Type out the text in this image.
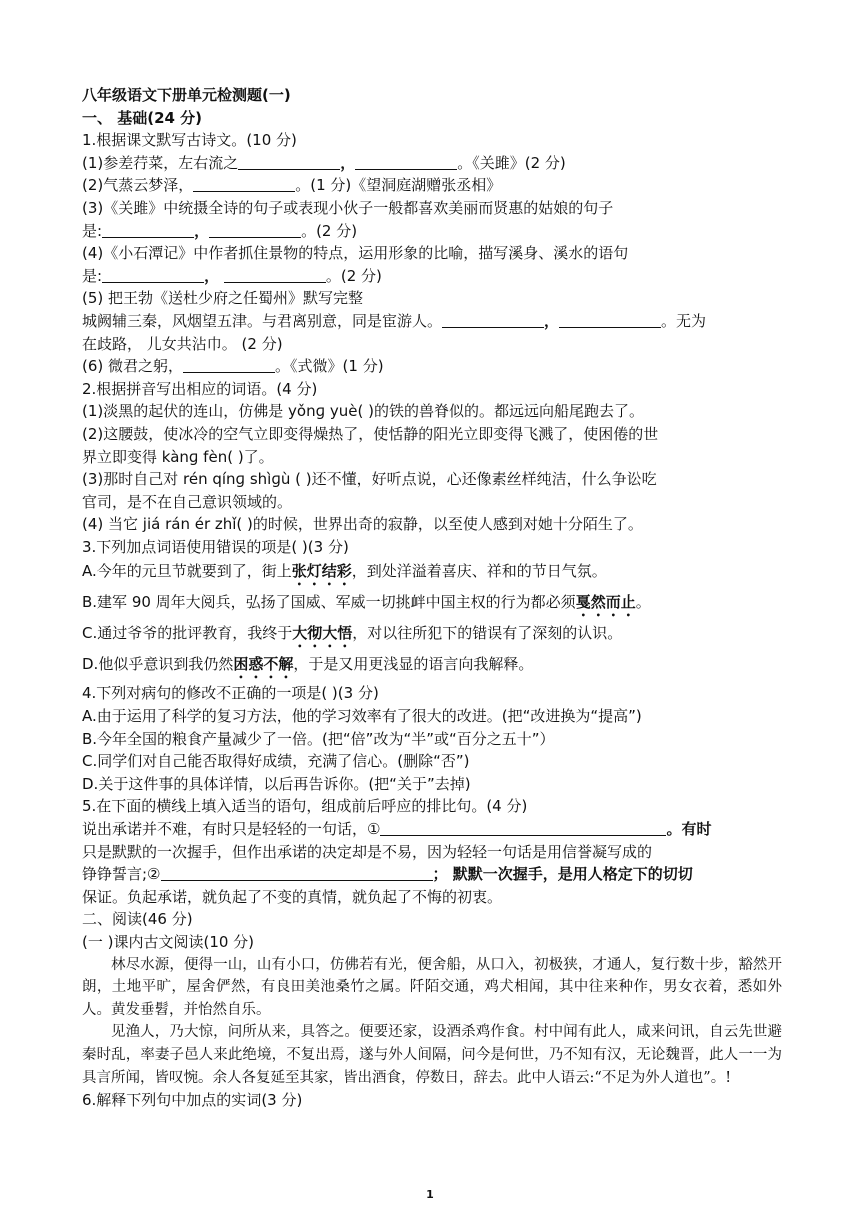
八年级语文下册单元检测题(一)
一、 基础(24 分)
1.根据课文默写古诗文。(10 分)
(1)参差荇菜，左右流之	，	。《关雎》(2 分)
(2)气蒸云梦泽，	。(1 分)《望洞庭湖赠张丞相》
(3)《关雎》中统摄全诗的句子或表现小伙子一般都喜欢美丽而贤惠的姑娘的句子
是:	，	。(2 分)
(4)《小石潭记》中作者抓住景物的特点，运用形象的比喻，描写溪身、溪水的语句
是:	，	。(2 分)
(5) 把王勃《送杜少府之任蜀州》默写完整
城阙辅三秦，风烟望五津。与君离别意，同是宦游人。	，	。无为
在歧路， 儿女共沾巾。 (2 分)
(6) 微君之躬，	。《式微》(1 分)
2.根据拼音写出相应的词语。(4 分)
(1)淡黑的起伏的连山，仿佛是 yǒnɡ yuè( )的铁的兽脊似的。都远远向船尾跑去了。
(2)这腰鼓，使冰冷的空气立即变得燥热了，使恬静的阳光立即变得飞溅了，使困倦的世
界立即变得 kànɡ fèn( )了。
(3)那时自己对 rén qínɡ shìɡù ( )还不懂，好听点说，心还像素丝样纯洁，什么争讼吃
官司，是不在自己意识领域的。
(4) 当它 jiá rán ér zhǐ( )的时候，世界出奇的寂静，以至使人感到对她十分陌生了。
3.下列加点词语使用错误的项是( )(3 分)
A.今年的元旦节就要到了，街上张灯结彩，到处洋溢着喜庆、祥和的节日气氛。
B.建军 90 周年大阅兵，弘扬了国威、军威一切挑衅中国主权的行为都必须戛然而止。
C.通过爷爷的批评教育，我终于大彻大悟，对以往所犯下的错误有了深刻的认识。
D.他似乎意识到我仍然困惑不解，于是又用更浅显的语言向我解释。
4.下列对病句的修改不正确的一项是( )(3 分)
A.由于运用了科学的复习方法，他的学习效率有了很大的改进。(把“改进换为“提高”)
B.今年全国的粮食产量减少了一倍。(把“倍”改为“半”或“百分之五十”）
C.同学们对自己能否取得好成绩，充满了信心。(删除“否”)
D.关于这件事的具体详情，以后再告诉你。(把“关于”去掉)
5.在下面的横线上填入适当的语句，组成前后呼应的排比句。(4 分)
说出承诺并不难，有时只是轻轻的一句话，①	。有时
只是默默的一次握手，但作出承诺的决定却是不易，因为轻轻一句话是用信誉凝写成的
铮铮誓言;②	； 默默一次握手，是用人格定下的切切
保证。负起承诺，就负起了不变的真情，就负起了不悔的初衷。
二、阅读(46 分)
(一 )课内古文阅读(10 分)
林尽水源，便得一山，山有小口，仿佛若有光，便舍船，从口入，初极狭，才通人，复行数十步，豁然开朗，土地平旷，屋舍俨然，有良田美池桑竹之属。阡陌交通，鸡犬相闻，其中往来种作，男女衣着，悉如外人。黄发垂髫，并怡然自乐。
见渔人，乃大惊，问所从来，具答之。便要还家，设酒杀鸡作食。村中闻有此人，咸来问讯，自云先世避秦时乱，率妻子邑人来此绝境，不复出焉，遂与外人间隔，问今是何世，乃不知有汉，无论魏晋，此人一一为具言所闻，皆叹惋。余人各复延至其家，皆出酒食，停数日，辞去。此中人语云:“不足为外人道也”。!
6.解释下列句中加点的实词(3 分)
1
